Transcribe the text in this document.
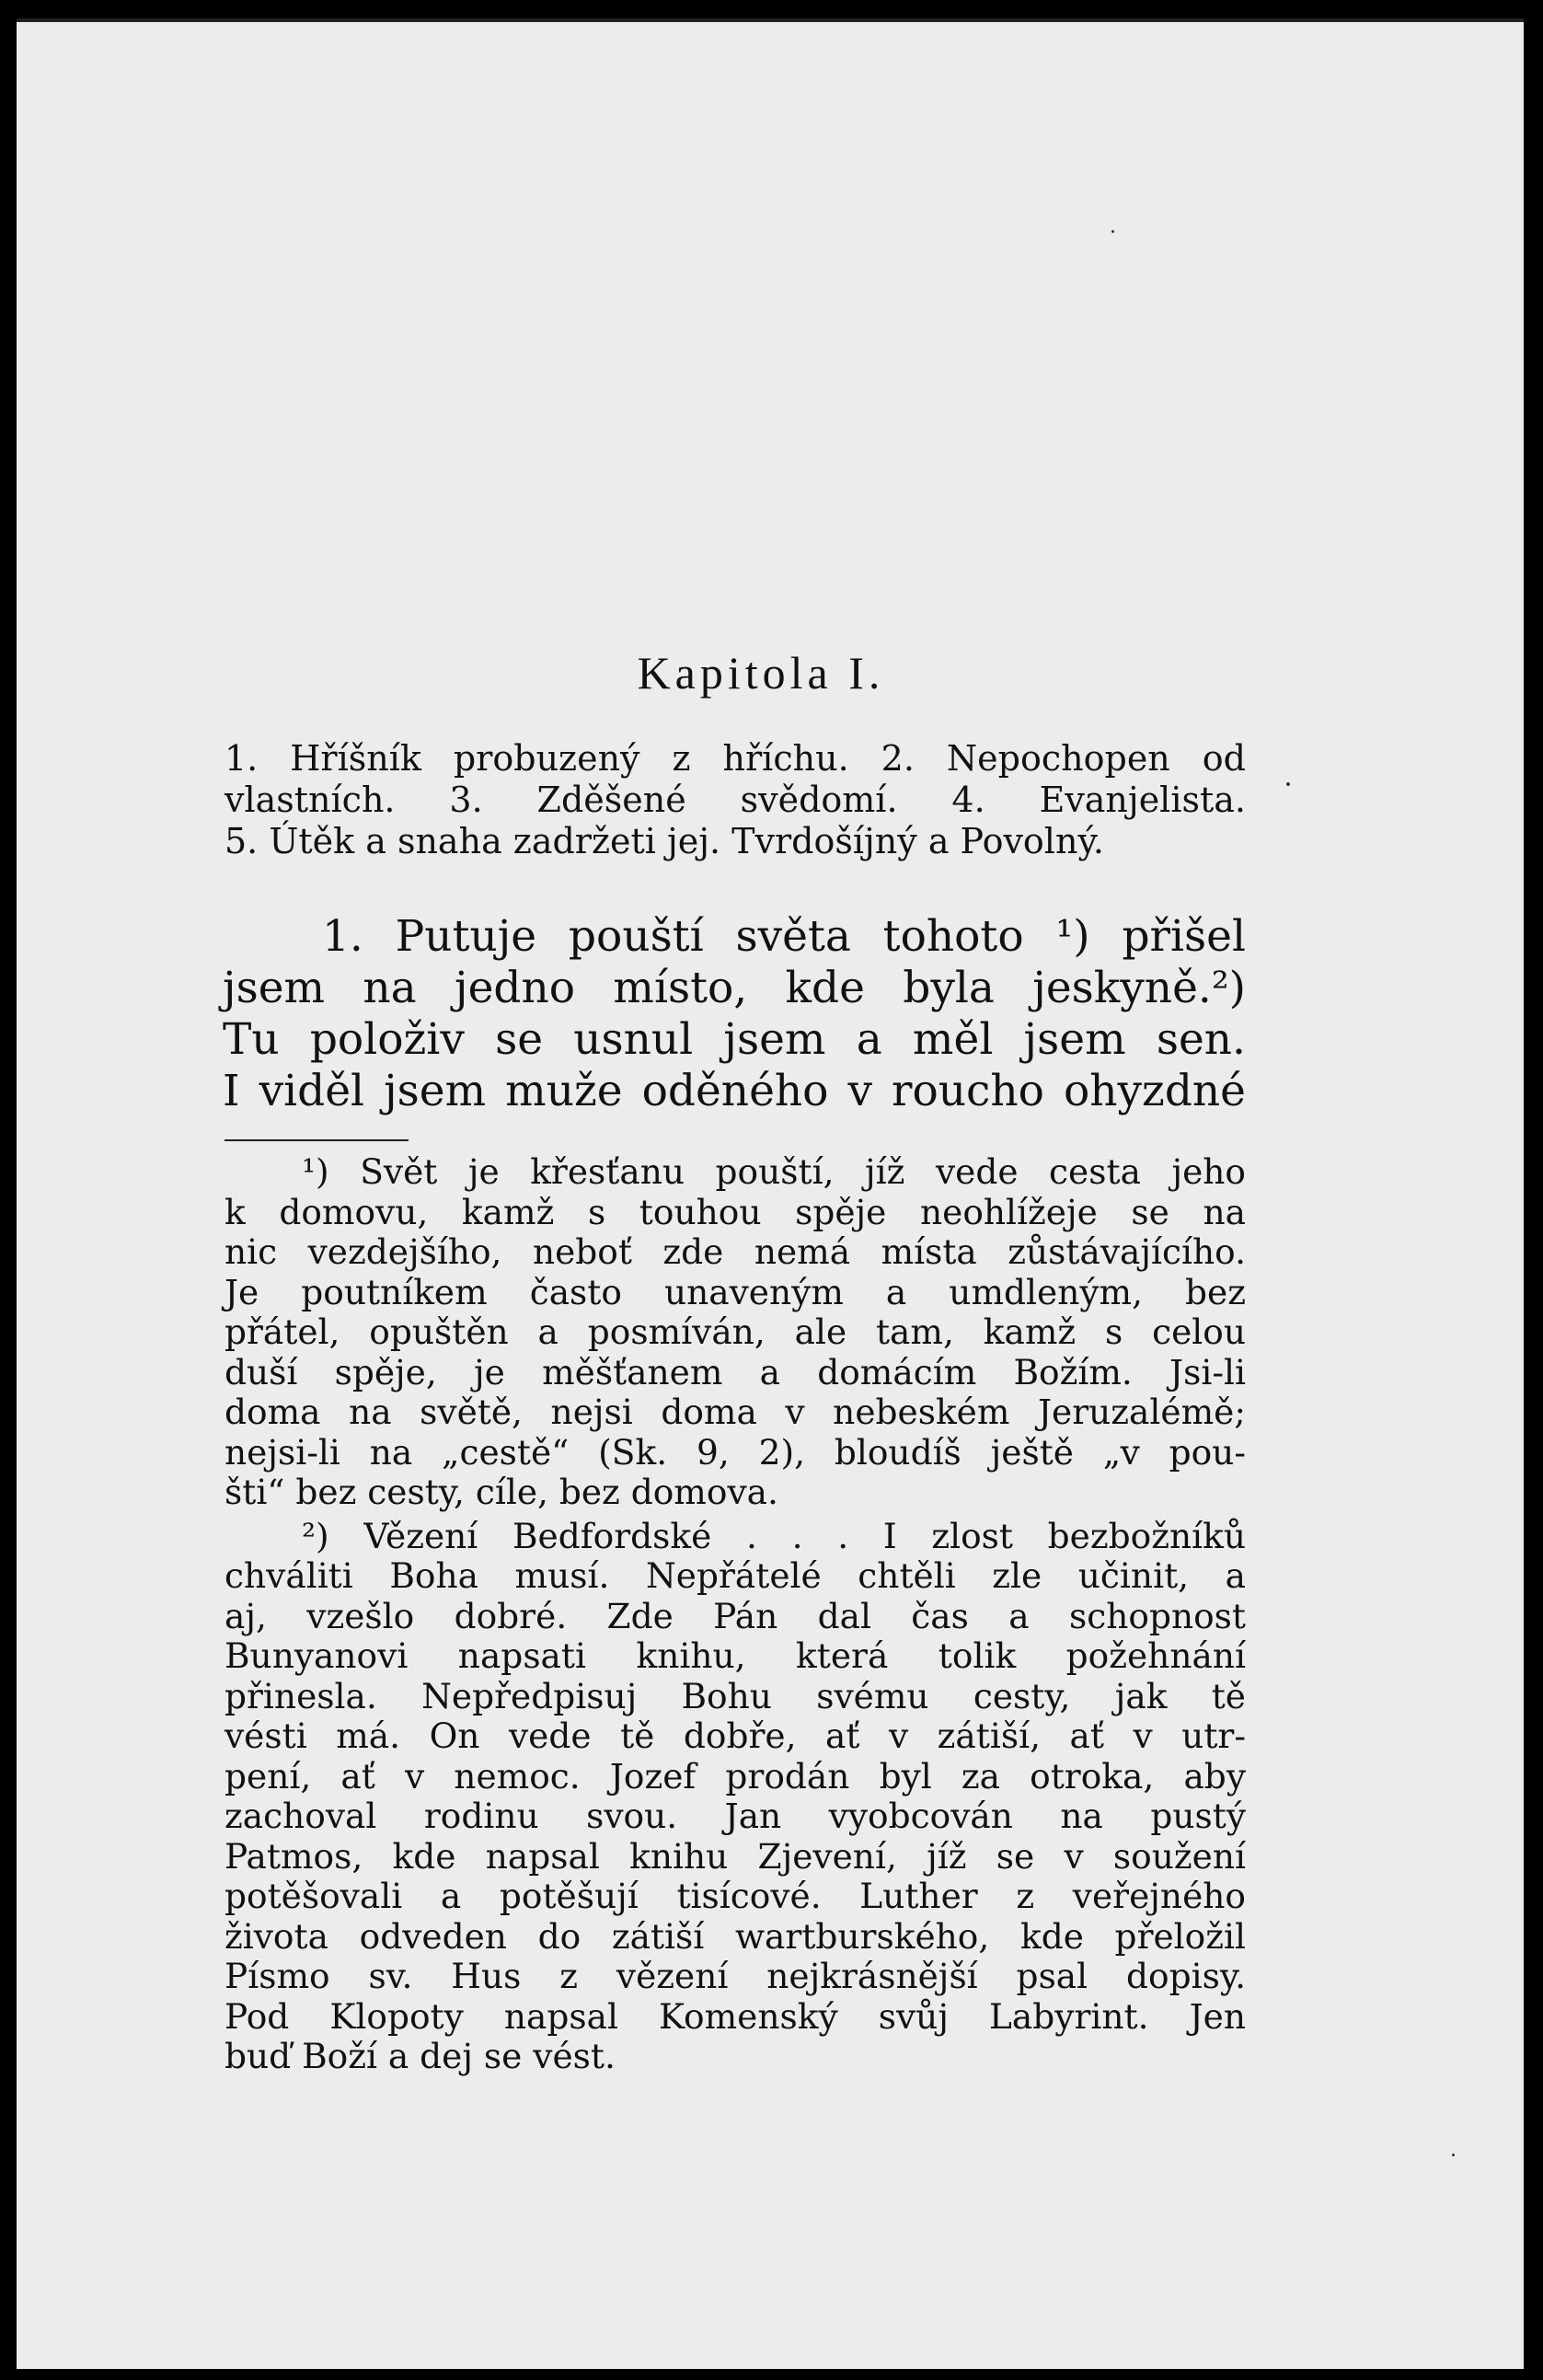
Kapitola I.
1. Hříšník probuzený z hříchu. 2. Nepochopen od
vlastních. 3. Zděšené svědomí. 4. Evanjelista.
5. Útěk a snaha zadržeti jej. Tvrdošíjný a Povolný.
1. Putuje pouští světa tohoto ¹) přišel
jsem na jedno místo, kde byla jeskyně.²)
Tu položiv se usnul jsem a měl jsem sen.
I viděl jsem muže oděného v roucho ohyzdné
¹) Svět je křesťanu pouští, jíž vede cesta jeho
k domovu, kamž s touhou spěje neohlížeje se na
nic vezdejšího, neboť zde nemá místa zůstávajícího.
Je poutníkem často unaveným a umdleným, bez
přátel, opuštěn a posmíván, ale tam, kamž s celou
duší spěje, je měšťanem a domácím Božím. Jsi-li
doma na světě, nejsi doma v nebeském Jeruzalémě;
nejsi-li na „cestě“ (Sk. 9, 2), bloudíš ještě „v pou-
šti“ bez cesty, cíle, bez domova.
²) Vězení Bedfordské . . . I zlost bezbožníků
chváliti Boha musí. Nepřátelé chtěli zle učinit, a
aj, vzešlo dobré. Zde Pán dal čas a schopnost
Bunyanovi napsati knihu, která tolik požehnání
přinesla. Nepředpisuj Bohu svému cesty, jak tě
vésti má. On vede tě dobře, ať v zátiší, ať v utr-
pení, ať v nemoc. Jozef prodán byl za otroka, aby
zachoval rodinu svou. Jan vyobcován na pustý
Patmos, kde napsal knihu Zjevení, jíž se v soužení
potěšovali a potěšují tisícové. Luther z veřejného
života odveden do zátiší wartburského, kde přeložil
Písmo sv. Hus z vězení nejkrásnější psal dopisy.
Pod Klopoty napsal Komenský svůj Labyrint. Jen
buď Boží a dej se vést.
